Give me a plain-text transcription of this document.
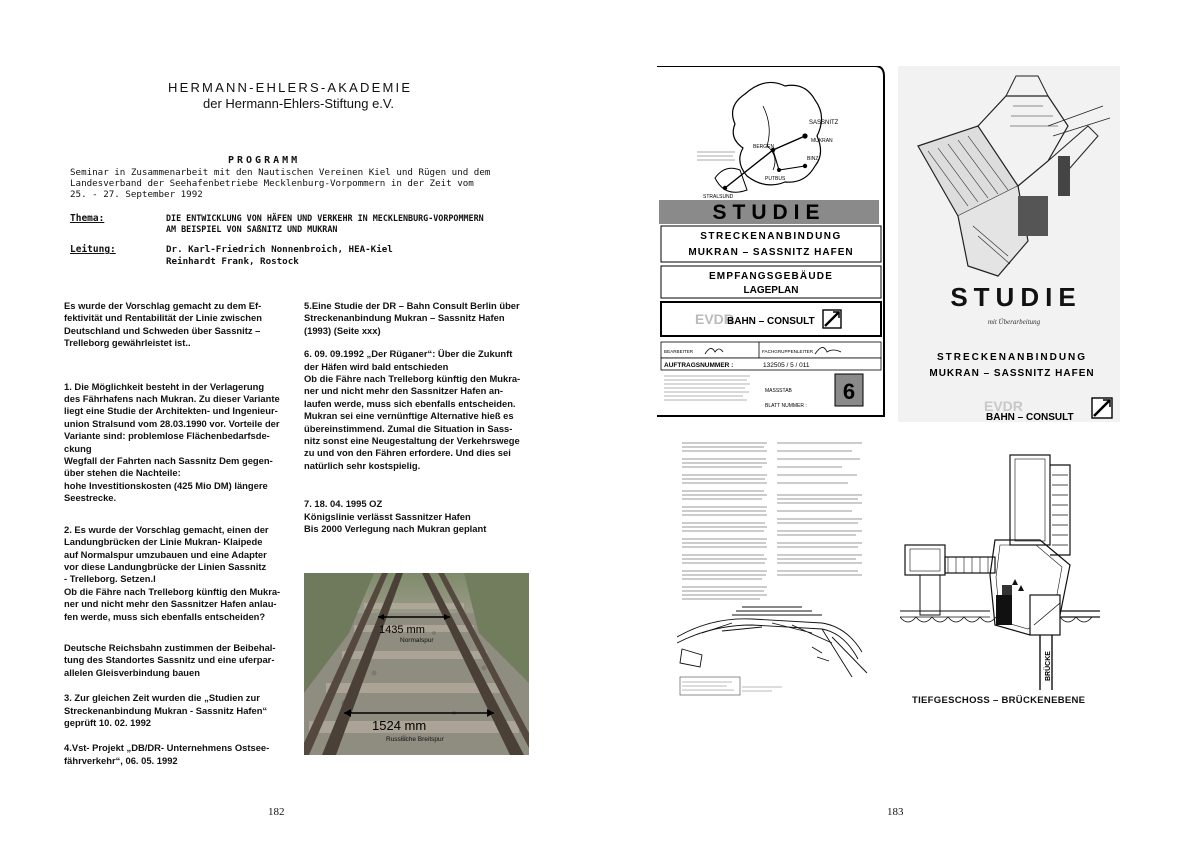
HERMANN-EHLERS-AKADEMIE
der Hermann-Ehlers-Stiftung e.V.
PROGRAMM
Seminar in Zusammenarbeit mit den Nautischen Vereinen Kiel und Rügen und dem
Landesverband der Seehafenbetriebe Mecklenburg-Vorpommern in der Zeit vom
25. - 27. September 1992
Thema:	DIE ENTWICKLUNG VON HÄFEN UND VERKEHR IN MECKLENBURG-VORPOMMERN
AM BEISPIEL VON SAßNITZ UND MUKRAN
Leitung:	Dr. Karl-Friedrich Nonnenbroich, HEA-Kiel
Reinhardt Frank, Rostock

Es wurde der Vorschlag gemacht zu dem Ef-
fektivität und Rentabilität der Linie zwischen
Deutschland und Schweden über Sassnitz –
Trelleborg gewährleistet ist..

1. Die Möglichkeit besteht in der Verlagerung
des Fährhafens nach Mukran. Zu dieser Variante
liegt eine Studie der Architekten- und Ingenieur-
union Stralsund vom 28.03.1990 vor. Vorteile der
Variante sind: problemlose Flächenbedarfsde-
ckung
Wegfall der Fahrten nach Sassnitz Dem gegen-
über stehen die Nachteile:
hohe Investitionskosten (425 Mio DM) längere
Seestrecke.

2. Es wurde der Vorschlag gemacht, einen der
Landungbrücken der Linie Mukran- Klaipede
auf Normalspur umzubauen und eine Adapter
vor diese Landungbrücke der Linien Sassnitz
- Trelleborg. Setzen.l
Ob die Fähre nach Trelleborg künftig den Mukra-
ner und nicht mehr den Sassnitzer Hafen anlau-
fen werde, muss sich ebenfalls entscheiden?

Deutsche Reichsbahn zustimmen der Beibehal-
tung des Standortes Sassnitz und eine uferpar-
allelen Gleisverbindung bauen

3. Zur gleichen Zeit wurden die „Studien zur
Streckenanbindung Mukran - Sassnitz Hafen“
geprüft 10. 02. 1992

4.Vst- Projekt „DB/DR- Unternehmens Ostsee-
fährverkehr“, 06. 05. 1992

5.Eine Studie der DR – Bahn Consult Berlin über
Streckenanbindung Mukran – Sassnitz Hafen
(1993) (Seite xxx)

6. 09. 09.1992 „Der Rüganer“: Über die Zukunft
der Häfen wird bald entschieden
Ob die Fähre nach Trelleborg künftig den Mukra-
ner und nicht mehr den Sassnitzer Hafen an-
laufen werde, muss sich ebenfalls entscheiden.
Mukran sei eine vernünftige Alternative hieß es
übereinstimmend. Zumal die Situation in Sass-
nitz sonst eine Neugestaltung der Verkehrswege
zu und von den Fähren erfordere. Und dies sei
natürlich sehr kostspielig.

7. 18. 04. 1995 OZ
Königslinie verlässt Sassnitzer Hafen
Bis 2000 Verlegung nach Mukran geplant

1435 mm
Normalspur
1524 mm
Russische Breitspur
182
SASSNITZ
MUKRAN
BERGEN
BINZ
PUTBUS
STRALSUND
STUDIE
STRECKENANBINDUNG
MUKRAN – SASSNITZ HAFEN
EMPFANGSGEBÄUDE
LAGEPLAN
EVDR
BAHN – CONSULT
BEARBEITER	FACHGRUPPENLEITER
AUFTRAGSNUMMER :	132505 / 5 / 011
MASSSTAB
BLATT NUMMER :
6
STUDIE
mit Überarbeitung
STRECKENANBINDUNG
MUKRAN – SASSNITZ HAFEN
EVDR
BAHN – CONSULT
BRÜCKE
TIEFGESCHOSS – BRÜCKENEBENE
183
